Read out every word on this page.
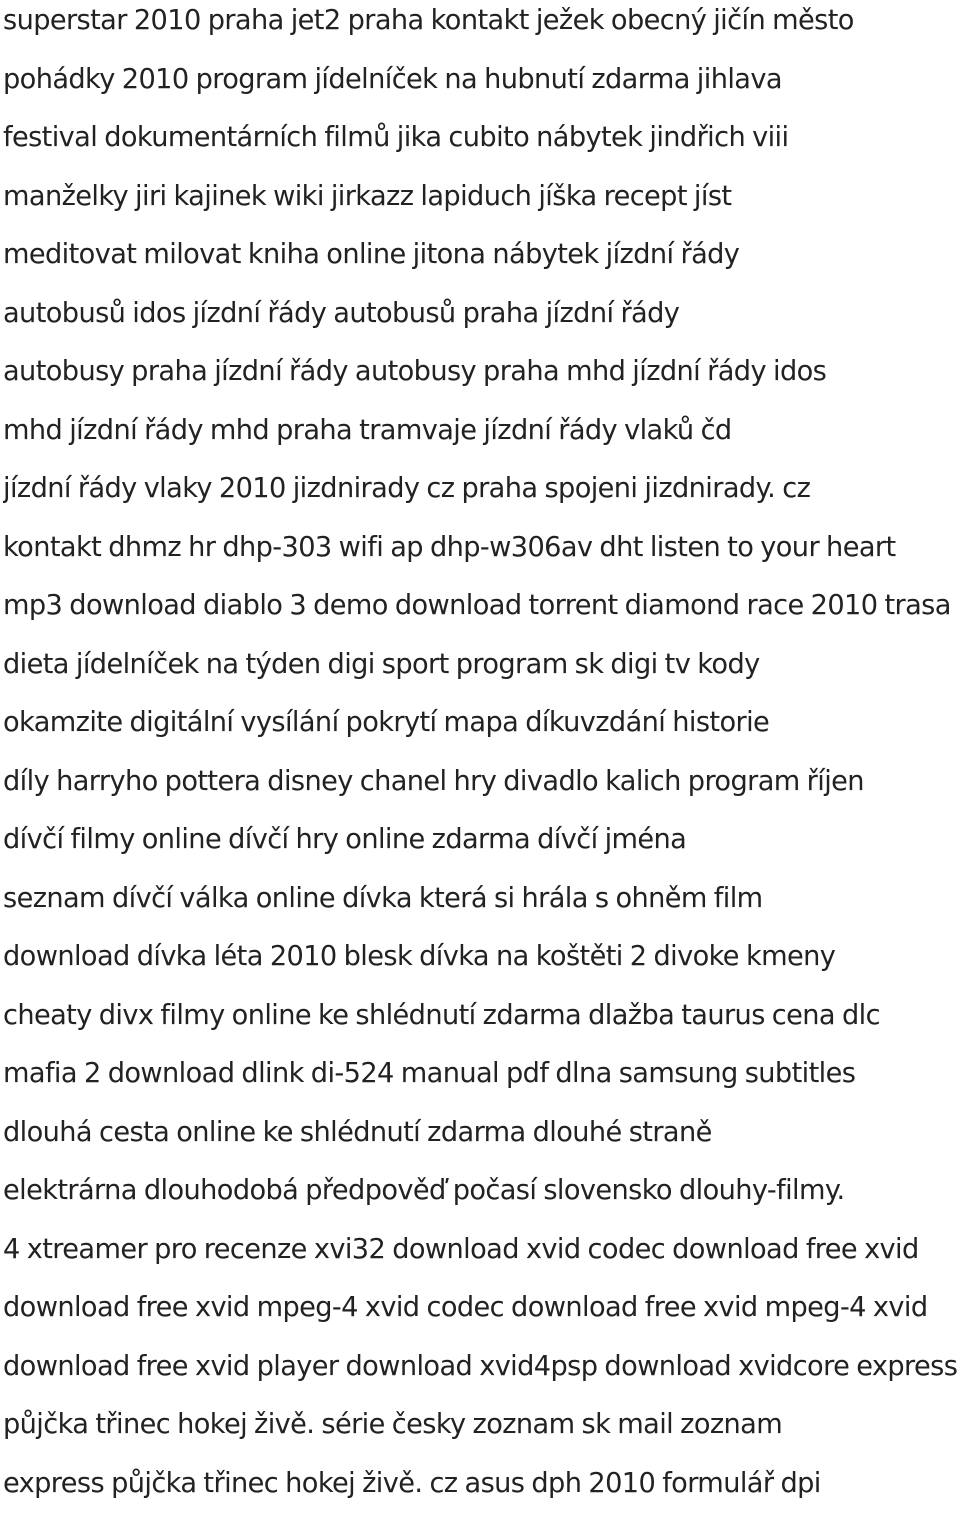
superstar 2010 praha jet2 praha kontakt ježek obecný jičín město
pohádky 2010 program jídelníček na hubnutí zdarma jihlava
festival dokumentárních filmů jika cubito nábytek jindřich viii
manželky jiri kajinek wiki jirkazz lapiduch jíška recept jíst
meditovat milovat kniha online jitona nábytek jízdní řády
autobusů idos jízdní řády autobusů praha jízdní řády
autobusy praha jízdní řády autobusy praha mhd jízdní řády idos
mhd jízdní řády mhd praha tramvaje jízdní řády vlaků čd
jízdní řády vlaky 2010 jizdnirady cz praha spojeni jizdnirady. cz
kontakt dhmz hr dhp-303 wifi ap dhp-w306av dht listen to your heart
mp3 download diablo 3 demo download torrent diamond race 2010 trasa
dieta jídelníček na týden digi sport program sk digi tv kody
okamzite digitální vysílání pokrytí mapa díkuvzdání historie
díly harryho pottera disney chanel hry divadlo kalich program říjen
dívčí filmy online dívčí hry online zdarma dívčí jména
seznam dívčí válka online dívka která si hrála s ohněm film
download dívka léta 2010 blesk dívka na koštěti 2 divoke kmeny
cheaty divx filmy online ke shlédnutí zdarma dlažba taurus cena dlc
mafia 2 download dlink di-524 manual pdf dlna samsung subtitles
dlouhá cesta online ke shlédnutí zdarma dlouhé straně
elektrárna dlouhodobá předpověď počasí slovensko dlouhy-filmy.
4 xtreamer pro recenze xvi32 download xvid codec download free xvid
download free xvid mpeg-4 xvid codec download free xvid mpeg-4 xvid
download free xvid player download xvid4psp download xvidcore express
půjčka třinec hokej živě. série česky zoznam sk mail zoznam
express půjčka třinec hokej živě. cz asus dph 2010 formulář dpi
